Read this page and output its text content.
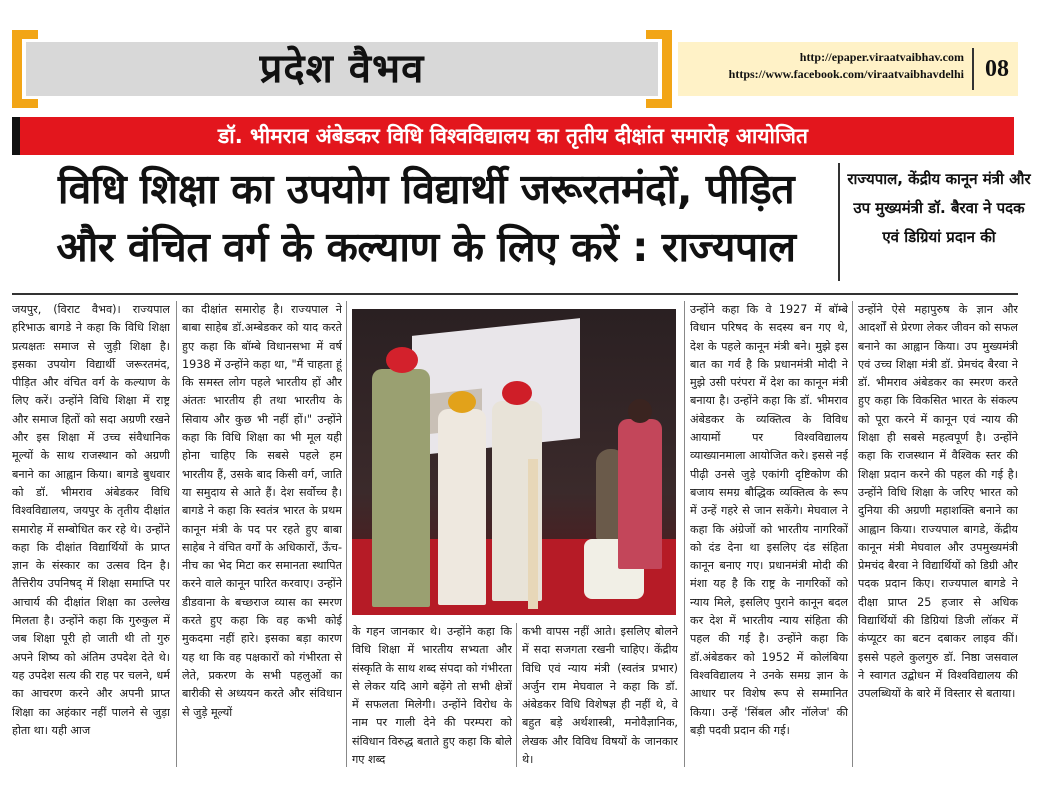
प्रदेश वैभव	http://epaper.viraatvaibhav.com
https://www.facebook.com/viraatvaibhavdelhi 08
डॉ. भीमराव अंबेडकर विधि विश्वविद्यालय का तृतीय दीक्षांत समारोह आयोजित
विधि शिक्षा का उपयोग विद्यार्थी जरूरतमंदों, पीड़ित
और वंचित वर्ग के कल्याण के लिए करें : राज्यपाल
राज्यपाल, केंद्रीय कानून मंत्री और उप मुख्यमंत्री डॉ. बैरवा ने पदक एवं डिग्रियां प्रदान की

जयपुर, (विराट वैभव)। राज्यपाल हरिभाऊ बागडे ने कहा कि विधि शिक्षा प्रत्यक्षतः समाज से जुड़ी शिक्षा है। इसका उपयोग विद्यार्थी जरूरतमंद, पीड़ित और वंचित वर्ग के कल्याण के लिए करें। उन्होंने विधि शिक्षा में राष्ट्र और समाज हितों को सदा अग्रणी रखने और इस शिक्षा में उच्च संवैधानिक मूल्यों के साथ राजस्थान को अग्रणी बनाने का आह्वान किया। बागडे बुधवार को डॉ. भीमराव अंबेडकर विधि विश्वविद्यालय, जयपुर के तृतीय दीक्षांत समारोह में सम्बोधित कर रहे थे। उन्होंने कहा कि दीक्षांत विद्यार्थियों के प्राप्त ज्ञान के संस्कार का उत्सव दिन है। तैत्तिरीय उपनिषद् में शिक्षा समाप्ति पर आचार्य की दीक्षांत शिक्षा का उल्लेख मिलता है। उन्होंने कहा कि गुरुकुल में जब शिक्षा पूरी हो जाती थी तो गुरु अपने शिष्य को अंतिम उपदेश देते थे। यह उपदेश सत्य की राह पर चलने, धर्म का आचरण करने और अपनी प्राप्त शिक्षा का अहंकार नहीं पालने से जुड़ा होता था। यही आज

का दीक्षांत समारोह है। राज्यपाल ने बाबा साहेब डॉ.अम्बेडकर को याद करते हुए कहा कि बॉम्बे विधानसभा में वर्ष 1938 में उन्होंने कहा था, "मैं चाहता हूं कि समस्त लोग पहले भारतीय हों और अंततः भारतीय ही तथा भारतीय के सिवाय और कुछ भी नहीं हों।" उन्होंने कहा कि विधि शिक्षा का भी मूल यही होना चाहिए कि सबसे पहले हम भारतीय हैं, उसके बाद किसी वर्ग, जाति या समुदाय से आते हैं। देश सर्वोच्च है। बागडे ने कहा कि स्वतंत्र भारत के प्रथम कानून मंत्री के पद पर रहते हुए बाबा साहेब ने वंचित वर्गों के अधिकारों, ऊँच-नीच का भेद मिटा कर समानता स्थापित करने वाले कानून पारित करवाए। उन्होंने डीडवाना के बच्छराज व्यास का स्मरण करते हुए कहा कि वह कभी कोई मुकदमा नहीं हारे। इसका बड़ा कारण यह था कि वह पक्षकारों को गंभीरता से लेते, प्रकरण के सभी पहलुओं का बारीकी से अध्ययन करते और संविधान से जुड़े मूल्यों

के गहन जानकार थे। उन्होंने कहा कि विधि शिक्षा में भारतीय सभ्यता और संस्कृति के साथ शब्द संपदा को गंभीरता से लेकर यदि आगे बढ़ेंगे तो सभी क्षेत्रों में सफलता मिलेगी। उन्होंने विरोध के नाम पर गाली देने की परम्परा को संविधान विरुद्ध बताते हुए कहा कि बोले गए शब्द

कभी वापस नहीं आते। इसलिए बोलने में सदा सजगता रखनी चाहिए। केंद्रीय विधि एवं न्याय मंत्री (स्वतंत्र प्रभार) अर्जुन राम मेघवाल ने कहा कि डॉ. अंबेडकर विधि विशेषज्ञ ही नहीं थे, वे बहुत बड़े अर्थशास्त्री, मनोवैज्ञानिक, लेखक और विविध विषयों के जानकार थे।

उन्होंने कहा कि वे 1927 में बॉम्बे विधान परिषद के सदस्य बन गए थे, देश के पहले कानून मंत्री बने। मुझे इस बात का गर्व है कि प्रधानमंत्री मोदी ने मुझे उसी परंपरा में देश का कानून मंत्री बनाया है। उन्होंने कहा कि डॉ. भीमराव अंबेडकर के व्यक्तित्व के विविध आयामों पर विश्वविद्यालय व्याख्यानमाला आयोजित करे। इससे नई पीढ़ी उनसे जुड़े एकांगी दृष्टिकोण की बजाय समग्र बौद्धिक व्यक्तित्व के रूप में उन्हें गहरे से जान सकेंगे। मेघवाल ने कहा कि अंग्रेजों को भारतीय नागरिकों को दंड देना था इसलिए दंड संहिता कानून बनाए गए। प्रधानमंत्री मोदी की मंशा यह है कि राष्ट्र के नागरिकों को न्याय मिले, इसलिए पुराने कानून बदल कर देश में भारतीय न्याय संहिता की पहल की गई है। उन्होंने कहा कि डॉ.अंबेडकर को 1952 में कोलंबिया विश्वविद्यालय ने उनके समग्र ज्ञान के आधार पर विशेष रूप से सम्मानित किया। उन्हें 'सिंबल और नॉलेज' की बड़ी पदवी प्रदान की गई।

उन्होंने ऐसे महापुरुष के ज्ञान और आदर्शों से प्रेरणा लेकर जीवन को सफल बनाने का आह्वान किया। उप मुख्यमंत्री एवं उच्च शिक्षा मंत्री डॉ. प्रेमचंद बैरवा ने डॉ. भीमराव अंबेडकर का स्मरण करते हुए कहा कि विकसित भारत के संकल्प को पूरा करने में कानून एवं न्याय की शिक्षा ही सबसे महत्वपूर्ण है। उन्होंने कहा कि राजस्थान में वैश्विक स्तर की शिक्षा प्रदान करने की पहल की गई है। उन्होंने विधि शिक्षा के जरिए भारत को दुनिया की अग्रणी महाशक्ति बनाने का आह्वान किया। राज्यपाल बागडे, केंद्रीय कानून मंत्री मेघवाल और उपमुख्यमंत्री प्रेमचंद बैरवा ने विद्यार्थियों को डिग्री और पदक प्रदान किए। राज्यपाल बागडे ने दीक्षा प्राप्त 25 हजार से अधिक विद्यार्थियों की डिग्रियां डिजी लॉकर में कंप्यूटर का बटन दबाकर लाइव कीं। इससे पहले कुलगुरु डॉ. निष्ठा जसवाल ने स्वागत उद्बोधन में विश्वविद्यालय की उपलब्धियों के बारे में विस्तार से बताया।
